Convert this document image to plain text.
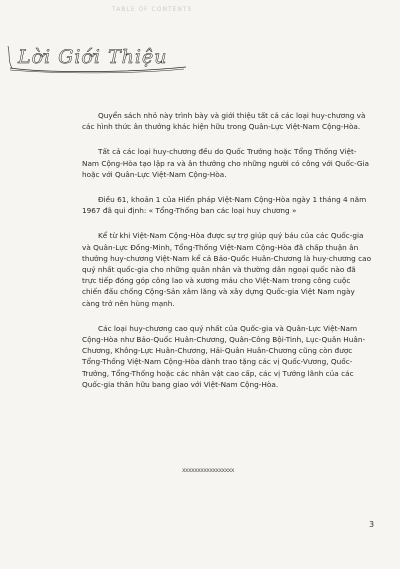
TABLE OF CONTENTS
Lời Giới Thiệu

Quyển sách nhỏ này trình bày và giới thiệu tất cả các loại huy-chương và các hình thức ân thưởng khác hiện hữu trong Quân-Lực Việt-Nam Cộng-Hòa.

Tất cả các loại huy-chương đều do Quốc Trưởng hoặc Tổng Thống Việt-Nam Cộng-Hòa tạo lập ra và ân thưởng cho những người có công với Quốc-Gia hoặc với Quân-Lực Việt-Nam Cộng-Hòa.

Điều 61, khoản 1 của Hiến pháp Việt-Nam Cộng-Hòa ngày 1 tháng 4 năm 1967 đã qui định: « Tổng-Thống ban các loại huy chương »

Kể từ khi Việt-Nam Cộng-Hòa được sự trợ giúp quý báu của các Quốc-gia và Quân-Lực Đồng-Minh, Tổng-Thống Việt-Nam Cộng-Hòa đã chấp thuận ân thưởng huy-chương Việt-Nam kể cả Bảo-Quốc Huân-Chương là huy-chương cao quý nhất quốc-gia cho những quân nhân và thường dân ngoại quốc nào đã trực tiếp đóng góp công lao và xương máu cho Việt-Nam trong công cuộc chiến đấu chống Cộng-Sản xâm lăng và xây dựng Quốc-gia Việt Nam ngày càng trở nên hùng mạnh.

Các loại huy-chương cao quý nhất của Quốc-gia và Quân-Lực Việt-Nam Cộng-Hòa như Bảo-Quốc Huân-Chương, Quân-Công Bội-Tinh, Lục-Quân Huân-Chương, Không-Lực Huân-Chương, Hải-Quân Huân-Chương cũng còn được Tổng-Thống Việt-Nam Cộng-Hòa dành trao tặng các vị Quốc-Vương, Quốc-Trưởng, Tổng-Thống hoặc các nhân vật cao cấp, các vị Tướng lãnh của các Quốc-gia thân hữu bang giao với Việt-Nam Cộng-Hòa.

xxxxxxxxxxxxxxxxx
3
